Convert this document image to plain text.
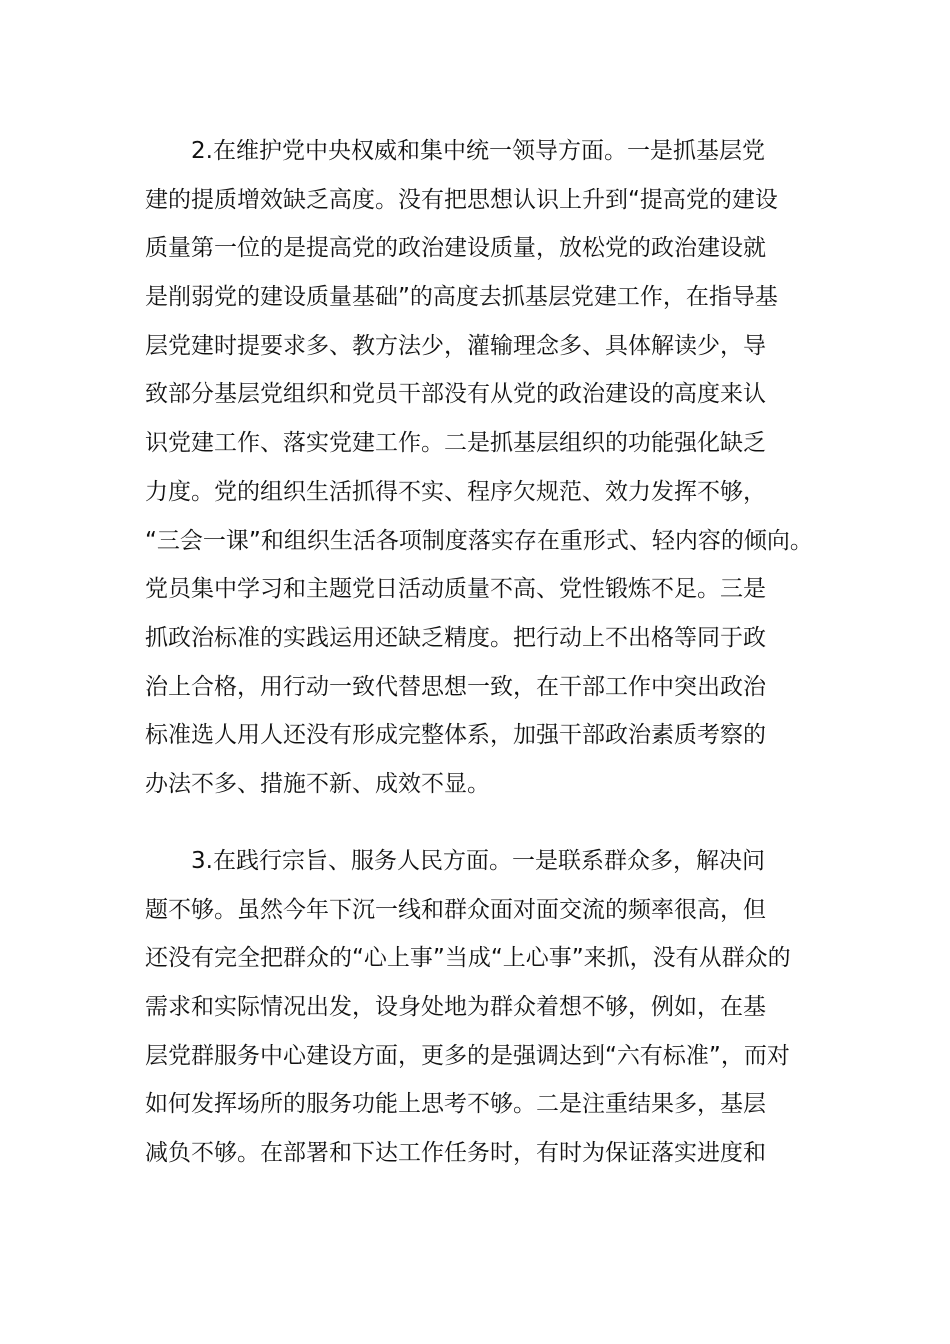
2.在维护党中央权威和集中统一领导方面。一是抓基层党
建的提质增效缺乏高度。没有把思想认识上升到“提高党的建设
质量第一位的是提高党的政治建设质量，放松党的政治建设就
是削弱党的建设质量基础”的高度去抓基层党建工作，在指导基
层党建时提要求多、教方法少，灌输理念多、具体解读少，导
致部分基层党组织和党员干部没有从党的政治建设的高度来认
识党建工作、落实党建工作。二是抓基层组织的功能强化缺乏
力度。党的组织生活抓得不实、程序欠规范、效力发挥不够，
“三会一课”和组织生活各项制度落实存在重形式、轻内容的倾向。
党员集中学习和主题党日活动质量不高、党性锻炼不足。三是
抓政治标准的实践运用还缺乏精度。把行动上不出格等同于政
治上合格，用行动一致代替思想一致，在干部工作中突出政治
标准选人用人还没有形成完整体系，加强干部政治素质考察的
办法不多、措施不新、成效不显。
3.在践行宗旨、服务人民方面。一是联系群众多，解决问
题不够。虽然今年下沉一线和群众面对面交流的频率很高，但
还没有完全把群众的“心上事”当成“上心事”来抓，没有从群众的
需求和实际情况出发，设身处地为群众着想不够，例如，在基
层党群服务中心建设方面，更多的是强调达到“六有标准”，而对
如何发挥场所的服务功能上思考不够。二是注重结果多，基层
减负不够。在部署和下达工作任务时，有时为保证落实进度和
